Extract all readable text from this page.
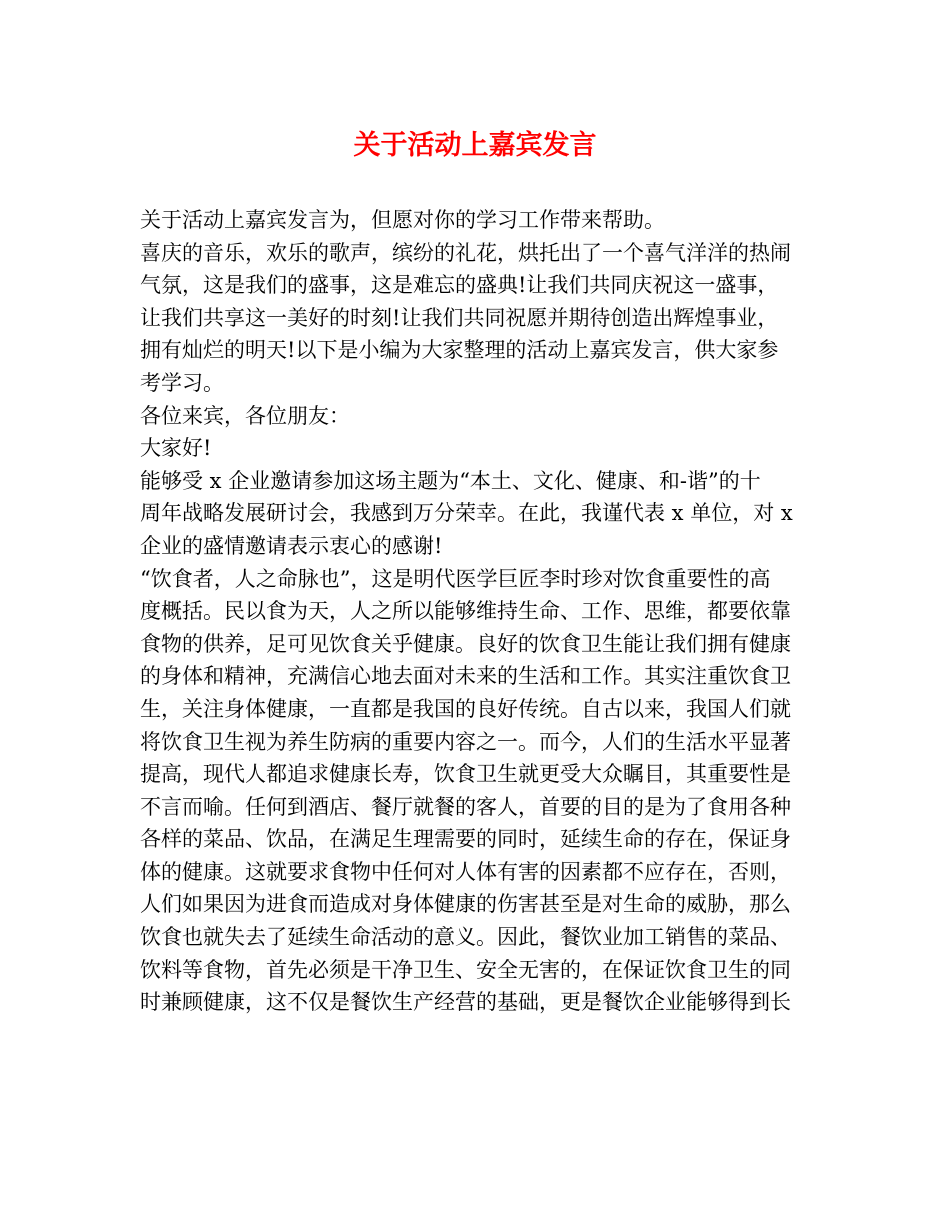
关于活动上嘉宾发言
关于活动上嘉宾发言为，但愿对你的学习工作带来帮助。
喜庆的音乐，欢乐的歌声，缤纷的礼花，烘托出了一个喜气洋洋的热闹
气氛，这是我们的盛事，这是难忘的盛典!让我们共同庆祝这一盛事，
让我们共享这一美好的时刻!让我们共同祝愿并期待创造出辉煌事业，
拥有灿烂的明天!以下是小编为大家整理的活动上嘉宾发言，供大家参
考学习。
各位来宾，各位朋友：
大家好!
能够受 x 企业邀请参加这场主题为“本土、文化、健康、和-谐”的十
周年战略发展研讨会，我感到万分荣幸。在此，我谨代表 x 单位，对 x
企业的盛情邀请表示衷心的感谢!
“饮食者，人之命脉也”，这是明代医学巨匠李时珍对饮食重要性的高
度概括。民以食为天，人之所以能够维持生命、工作、思维，都要依靠
食物的供养，足可见饮食关乎健康。良好的饮食卫生能让我们拥有健康
的身体和精神，充满信心地去面对未来的生活和工作。其实注重饮食卫
生，关注身体健康，一直都是我国的良好传统。自古以来，我国人们就
将饮食卫生视为养生防病的重要内容之一。而今，人们的生活水平显著
提高，现代人都追求健康长寿，饮食卫生就更受大众瞩目，其重要性是
不言而喻。任何到酒店、餐厅就餐的客人，首要的目的是为了食用各种
各样的菜品、饮品，在满足生理需要的同时，延续生命的存在，保证身
体的健康。这就要求食物中任何对人体有害的因素都不应存在，否则，
人们如果因为进食而造成对身体健康的伤害甚至是对生命的威胁，那么
饮食也就失去了延续生命活动的意义。因此，餐饮业加工销售的菜品、
饮料等食物，首先必须是干净卫生、安全无害的，在保证饮食卫生的同
时兼顾健康，这不仅是餐饮生产经营的基础，更是餐饮企业能够得到长
